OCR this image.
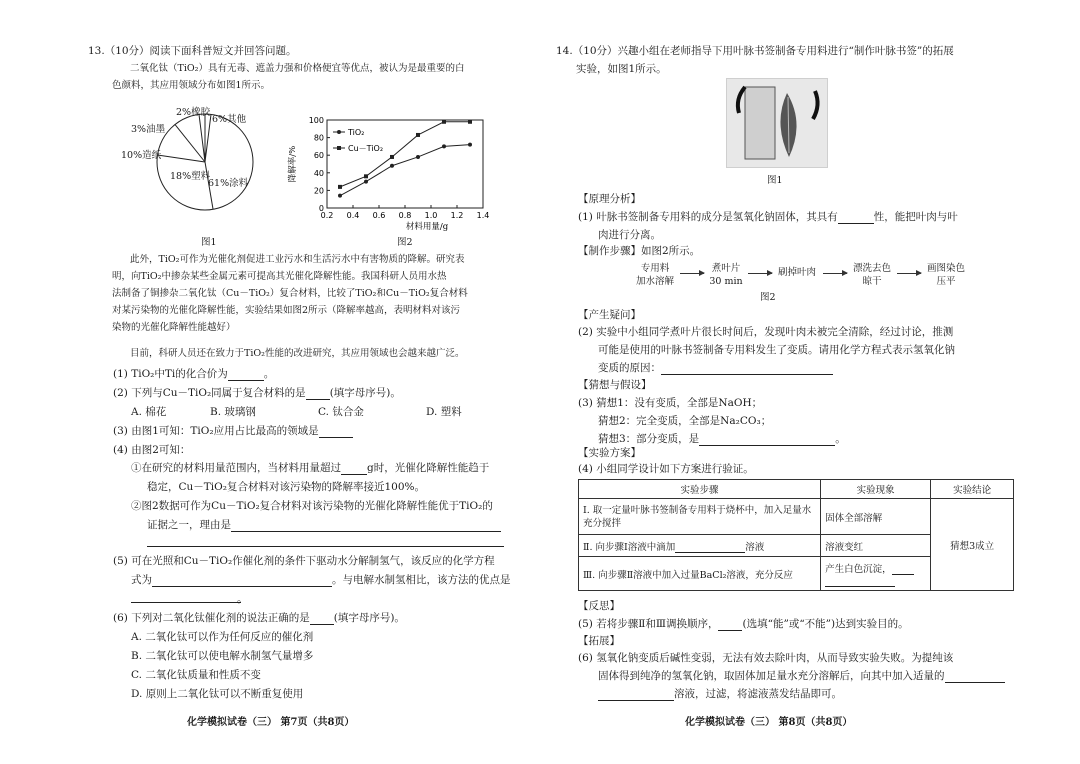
13.（10分）阅读下面科普短文并回答问题。
二氧化钛（TiO₂）具有无毒、遮盖力强和价格便宜等优点，被认为是最重要的白
色颜料，其应用领域分布如图1所示。
2%橡胶
6%其他
3%油墨
10%造纸
18%塑料
61%涂料
图1
0
20
40
60
80
100
0.2 0.4 0.6 0.8 1.0 1.2 1.4
材料用量/g
降解率/%
TiO₂
Cu－TiO₂
图2
此外，TiO₂可作为光催化剂促进工业污水和生活污水中有害物质的降解。研究表
明，向TiO₂中掺杂某些金属元素可提高其光催化降解性能。我国科研人员用水热
法制备了铜掺杂二氧化钛（Cu－TiO₂）复合材料，比较了TiO₂和Cu－TiO₂复合材料
对某污染物的光催化降解性能，实验结果如图2所示（降解率越高，表明材料对该污
染物的光催化降解性能越好）
目前，科研人员还在致力于TiO₂性能的改进研究，其应用领域也会越来越广泛。
(1) TiO₂中Ti的化合价为	。
(2) 下列与Cu－TiO₂同属于复合材料的是 (填字母序号)。
A. 棉花	B. 玻璃钢	C. 钛合金	D. 塑料
(3) 由图1可知：TiO₂应用占比最高的领域是
(4) 由图2可知：
①在研究的材料用量范围内，当材料用量超过 g时，光催化降解性能趋于
稳定，Cu－TiO₂复合材料对该污染物的降解率接近100%。
②图2数据可作为Cu－TiO₂复合材料对该污染物的光催化降解性能优于TiO₂的
证据之一，理由是
(5) 可在光照和Cu－TiO₂作催化剂的条件下驱动水分解制氢气，该反应的化学方程
式为	。与电解水制氢相比，该方法的优点是
。
(6) 下列对二氧化钛催化剂的说法正确的是 (填字母序号)。
A. 二氧化钛可以作为任何反应的催化剂
B. 二氧化钛可以使电解水制氢气量增多
C. 二氧化钛质量和性质不变
D. 原则上二氧化钛可以不断重复使用
化学模拟试卷（三） 第7页（共8页）
14.（10分）兴趣小组在老师指导下用叶脉书签制备专用料进行“制作叶脉书签”的拓展
实验，如图1所示。
图1
【原理分析】
(1) 叶脉书签制备专用料的成分是氢氧化钠固体，其具有	性，能把叶肉与叶
肉进行分离。
【制作步骤】如图2所示。
专用料
加水溶解
煮叶片
30 min
刷掉叶肉	漂洗去色
晾干
画图染色
压平
图2
【产生疑问】
(2) 实验中小组同学煮叶片很长时间后，发现叶肉未被完全清除，经过讨论，推测
可能是使用的叶脉书签制备专用料发生了变质。请用化学方程式表示氢氧化钠
变质的原因：
【猜想与假设】
(3) 猜想1：没有变质，全部是NaOH；
猜想2：完全变质，全部是Na₂CO₃；
猜想3：部分变质，是	。
【实验方案】
(4) 小组同学设计如下方案进行验证。
实验步骤	实验现象	实验结论
Ⅰ. 取一定量叶脉书签制备专用料于烧杯中，加入足量水充分搅拌	固体全部溶解	猜想3成立
Ⅱ. 向步骤Ⅰ溶液中滴加 溶液	溶液变红	
Ⅲ. 向步骤Ⅱ溶液中加入过量BaCl₂溶液，充分反应	产生白色沉淀，	

【反思】
(5) 若将步骤Ⅱ和Ⅲ调换顺序， (选填“能”或“不能”)达到实验目的。
【拓展】
(6) 氢氧化钠变质后碱性变弱，无法有效去除叶肉，从而导致实验失败。为提纯该
固体得到纯净的氢氧化钠，取固体加足量水充分溶解后，向其中加入适量的
溶液，过滤，将滤液蒸发结晶即可。
化学模拟试卷（三） 第8页（共8页）
